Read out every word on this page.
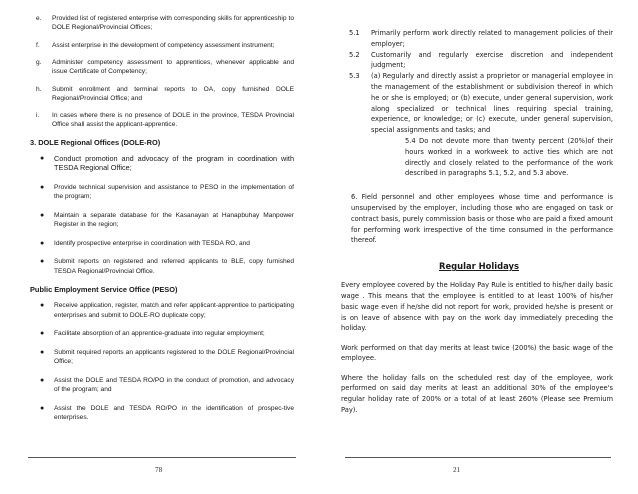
e. Provided list of registered enterprise with corresponding skills for apprenticeship to DOLE Regional/Provincial Offices;
f. Assist enterprise in the development of competency assessment instrument;
g. Administer competency assessment to apprentices, whenever applicable and issue Certificate of Competency;
h. Submit enrollment and terminal reports to OA, copy furnished DOLE Regional/Provincial Office; and
i. In cases where there is no presence of DOLE in the province, TESDA Provincial Office shall assist the applicant-apprentice.
3. DOLE Regional Offices (DOLE-RO)
● Conduct promotion and advocacy of the program in coordination with TESDA Regional Office;
● Provide technical supervision and assistance to PESO in the implementation of the program;
● Maintain a separate database for the Kasanayan at Hanapbuhay Manpower Register in the region;
● Identify prospective enterprise in coordination with TESDA RO, and
● Submit reports on registered and referred applicants to BLE, copy furnished TESDA Regional/Provincial Office.
Public Employment Service Office (PESO)
● Receive application, register, match and refer applicant-apprentice to participating enterprises and submit to DOLE-RO duplicate copy;
● Facilitate absorption of an apprentice-graduate into regular employment;
● Submit required reports an applicants registered to the DOLE Regional/Provincial Office;
● Assist the DOLE and TESDA RO/PO in the conduct of promotion, and advocacy of the program; and
● Assist the DOLE and TESDA RO/PO in the identification of prospec-tive enterprises.
78
5.1	Primarily perform work directly related to management policies of their employer;
5.2	Customarily and regularly exercise discretion and independent judgment;
5.3	(a) Regularly and directly assist a proprietor or managerial employee in the management of the establishment or subdivision thereof in which he or she is employed; or (b) execute, under general supervision, work along specialized or technical lines requiring special training, experience, or knowledge; or (c) execute, under general supervision, special assignments and tasks; and
5.4 Do not devote more than twenty percent (20%)of their hours worked in a workweek to active ties which are not directly and closely related to the performance of the work described in paragraphs 5.1, 5.2, and 5.3 above.
6. Field personnel and other employees whose time and performance is unsupervised by the employer, including those who are engaged on task or contract basis, purely commission basis or those who are paid a fixed amount for performing work irrespective of the time consumed in the performance thereof.
Regular Holidays

Every employee covered by the Holiday Pay Rule is entitled to his/her daily basic wage . This means that the employee is entitled to at least 100% of his/her basic wage even if he/she did not report for work, provided he/she is present or is on leave of absence with pay on the work day immediately preceding the holiday.

Work performed on that day merits at least twice (200%) the basic wage of the employee.

Where the holiday falls on the scheduled rest day of the employee, work performed on said day merits at least an additional 30% of the employee's regular holiday rate of 200% or a total of at least 260% (Please see Premium Pay).

21
